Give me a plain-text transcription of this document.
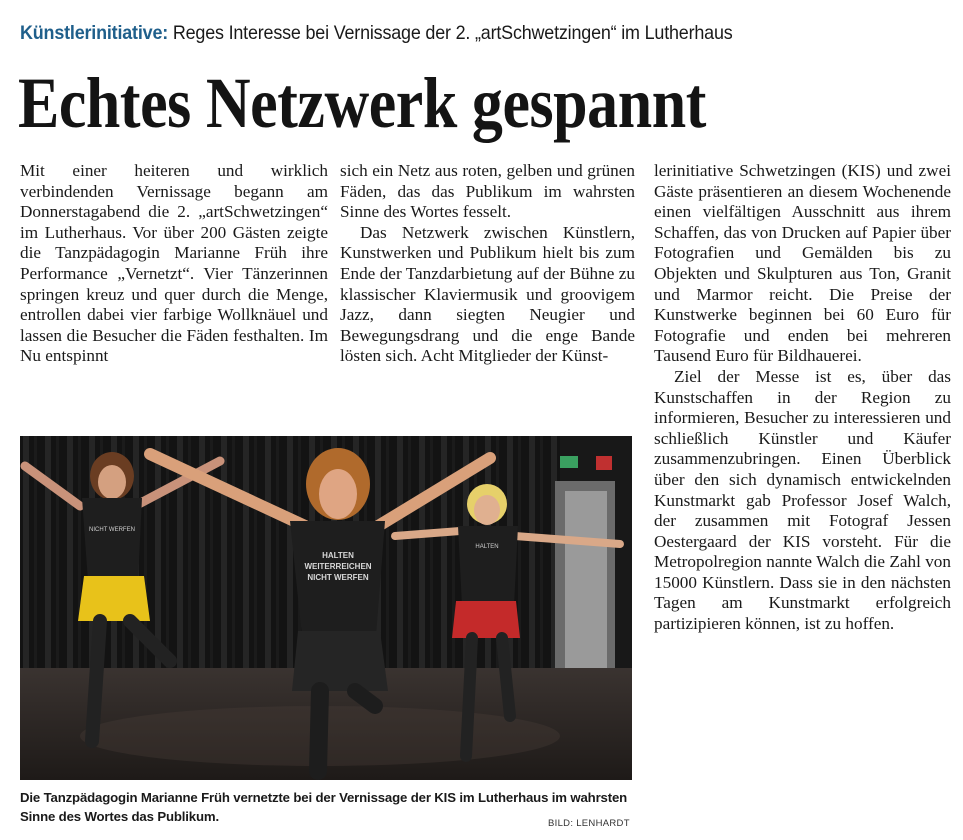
Künstlerinitiative: Reges Interesse bei Vernissage der 2. „artSchwetzingen“ im Lutherhaus
Echtes Netzwerk gespannt

Mit einer heiteren und wirklich verbindenden Vernissage begann am Donnerstagabend die 2. „artSchwetzingen“ im Lutherhaus. Vor über 200 Gästen zeigte die Tanzpädagogin Marianne Früh ihre Performance „Vernetzt“. Vier Tänzerinnen springen kreuz und quer durch die Menge, entrollen dabei vier farbige Wollknäuel und lassen die Besucher die Fäden festhalten. Im Nu entspinnt

sich ein Netz aus roten, gelben und grünen Fäden, das das Publikum im wahrsten Sinne des Wortes fesselt.

Das Netzwerk zwischen Künstlern, Kunstwerken und Publikum hielt bis zum Ende der Tanzdarbietung auf der Bühne zu klassischer Klaviermusik und groovigem Jazz, dann siegten Neugier und Bewegungsdrang und die enge Bande lösten sich. Acht Mitglieder der Künst-

lerinitiative Schwetzingen (KIS) und zwei Gäste präsentieren an diesem Wochenende einen vielfältigen Ausschnitt aus ihrem Schaffen, das von Drucken auf Papier über Fotografien und Gemälden bis zu Objekten und Skulpturen aus Ton, Granit und Marmor reicht. Die Preise der Kunstwerke beginnen bei 60 Euro für Fotografie und enden bei mehreren Tausend Euro für Bildhauerei.

Ziel der Messe ist es, über das Kunstschaffen in der Region zu informieren, Besucher zu interessieren und schließlich Künstler und Käufer zusammenzubringen. Einen Überblick über den sich dynamisch entwickelnden Kunstmarkt gab Professor Josef Walch, der zusammen mit Fotograf Jessen Oestergaard der KIS vorsteht. Für die Metropolregion nannte Walch die Zahl von 15000 Künstlern. Dass sie in den nächsten Tagen am Kunstmarkt erfolgreich partizipieren können, ist zu hoffen.

NICHT WERFEN
HALTEN
WEITERREICHEN
NICHT WERFEN
HALTEN
Die Tanzpädagogin Marianne Früh vernetzte bei der Vernissage der KIS im Lutherhaus im wahrsten Sinne des Wortes das Publikum.	BILD: LENHARDT
